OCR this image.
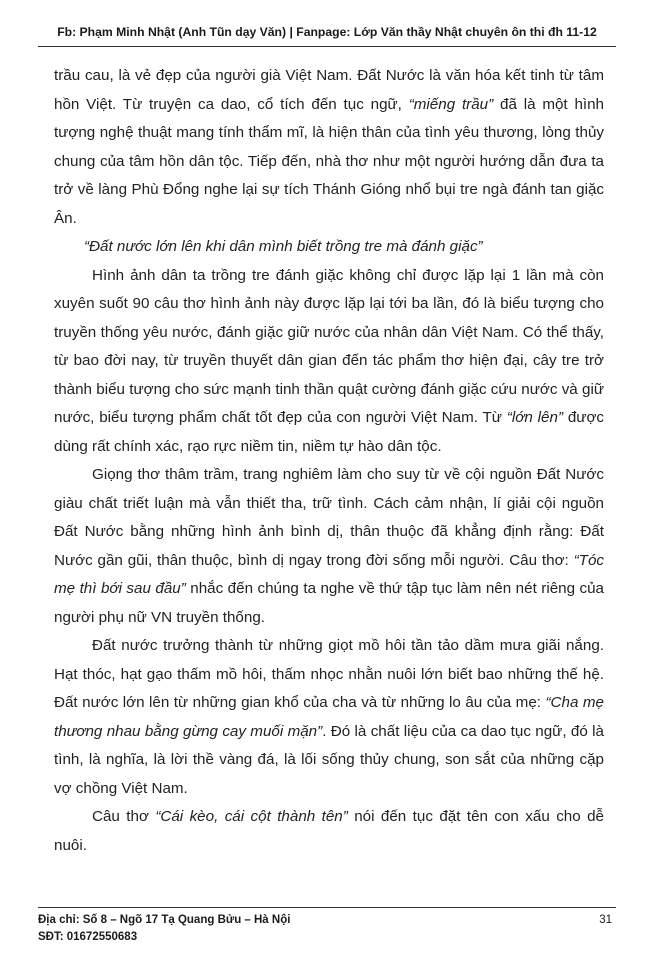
Fb: Phạm Minh Nhật (Anh Tũn dạy Văn) | Fanpage: Lớp Văn thầy Nhật chuyên ôn thi đh 11-12

trầu cau, là vẻ đẹp của người già Việt Nam. Đất Nước là văn hóa kết tinh từ tâm hồn Việt. Từ truyện ca dao, cổ tích đến tục ngữ, “miếng trầu” đã là một hình tượng nghệ thuật mang tính thẩm mĩ, là hiện thân của tình yêu thương, lòng thủy chung của tâm hồn dân tộc. Tiếp đến, nhà thơ như một người hướng dẫn đưa ta trở về làng Phù Đổng nghe lại sự tích Thánh Gióng nhổ bụi tre ngà đánh tan giặc Ân.

“Đất nước lớn lên khi dân mình biết trồng tre mà đánh giặc”

Hình ảnh dân ta trồng tre đánh giặc không chỉ được lặp lại 1 lần mà còn xuyên suốt 90 câu thơ hình ảnh này được lặp lại tới ba lần, đó là biểu tượng cho truyền thống yêu nước, đánh giặc giữ nước của nhân dân Việt Nam. Có thể thấy, từ bao đời nay, từ truyền thuyết dân gian đến tác phẩm thơ hiện đại, cây tre trở thành biểu tượng cho sức mạnh tinh thần quật cường đánh giặc cứu nước và giữ nước, biểu tượng phẩm chất tốt đẹp của con người Việt Nam. Từ “lớn lên” được dùng rất chính xác, rạo rực niềm tin, niềm tự hào dân tộc.

Giọng thơ thâm trầm, trang nghiêm làm cho suy từ về cội nguồn Đất Nước giàu chất triết luận mà vẫn thiết tha, trữ tình. Cách cảm nhận, lí giải cội nguồn Đất Nước bằng những hình ảnh bình dị, thân thuộc đã khẳng định rằng: Đất Nước gần gũi, thân thuộc, bình dị ngay trong đời sống mỗi người. Câu thơ: “Tóc mẹ thì bới sau đầu” nhắc đến chúng ta nghe về thứ tập tục làm nên nét riêng của người phụ nữ VN truyền thống.

Đất nước trưởng thành từ những giọt mồ hôi tần tảo dầm mưa giãi nắng. Hạt thóc, hạt gạo thấm mồ hôi, thấm nhọc nhằn nuôi lớn biết bao những thế hệ. Đất nước lớn lên từ những gian khổ của cha và từ những lo âu của mẹ: “Cha mẹ thương nhau bằng gừng cay muối mặn”. Đó là chất liệu của ca dao tục ngữ, đó là tình, là nghĩa, là lời thề vàng đá, là lối sống thủy chung, son sắt của những cặp vợ chồng Việt Nam.

Câu thơ “Cái kèo, cái cột thành tên” nói đến tục đặt tên con xấu cho dễ nuôi.

Địa chỉ: Số 8 – Ngõ 17 Tạ Quang Bửu – Hà Nội
SĐT: 01672550683
31
